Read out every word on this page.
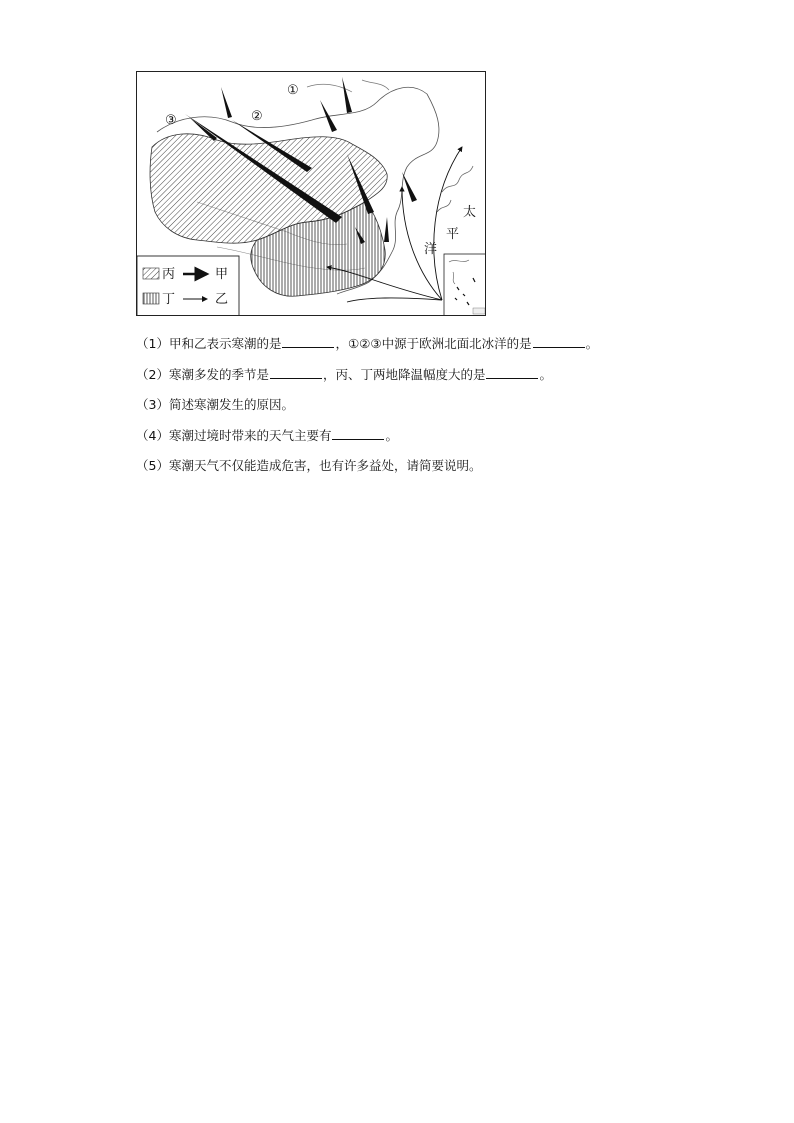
①
②
③
太
平
洋
丙	甲
丁	乙
（1）甲和乙表示寒潮的是	，①②③中源于欧洲北面北冰洋的是	。
（2）寒潮多发的季节是	，丙、丁两地降温幅度大的是	。
（3）简述寒潮发生的原因。
（4）寒潮过境时带来的天气主要有	。
（5）寒潮天气不仅能造成危害，也有许多益处，请简要说明。
